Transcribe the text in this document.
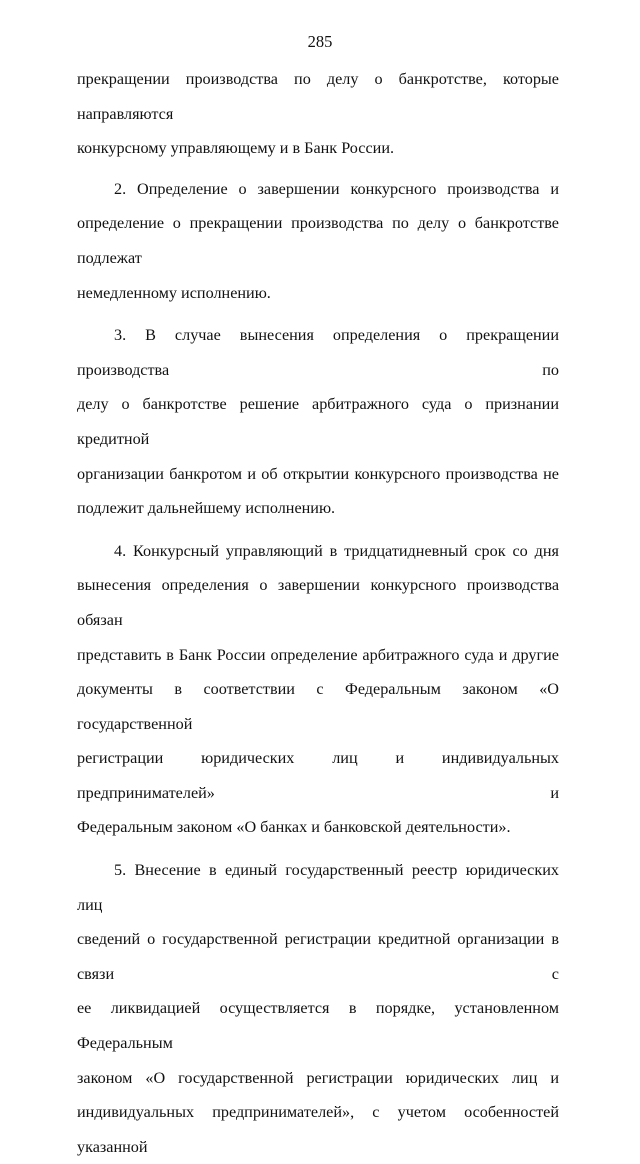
285

прекращении производства по делу о банкротстве, которые направляются

конкурсному управляющему и в Банк России.

2. Определение о завершении конкурсного производства и

определение о прекращении производства по делу о банкротстве подлежат

немедленному исполнению.

3. В случае вынесения определения о прекращении производства по

делу о банкротстве решение арбитражного суда о признании кредитной

организации банкротом и об открытии конкурсного производства не

подлежит дальнейшему исполнению.

4. Конкурсный управляющий в тридцатидневный срок со дня

вынесения определения о завершении конкурсного производства обязан

представить в Банк России определение арбитражного суда и другие

документы в соответствии с Федеральным законом «О государственной

регистрации юридических лиц и индивидуальных предпринимателей» и

Федеральным законом «О банках и банковской деятельности».

5. Внесение в единый государственный реестр юридических лиц

сведений о государственной регистрации кредитной организации в связи с

ее ликвидацией осуществляется в порядке, установленном Федеральным

законом «О государственной регистрации юридических лиц и

индивидуальных предпринимателей», с учетом особенностей указанной
